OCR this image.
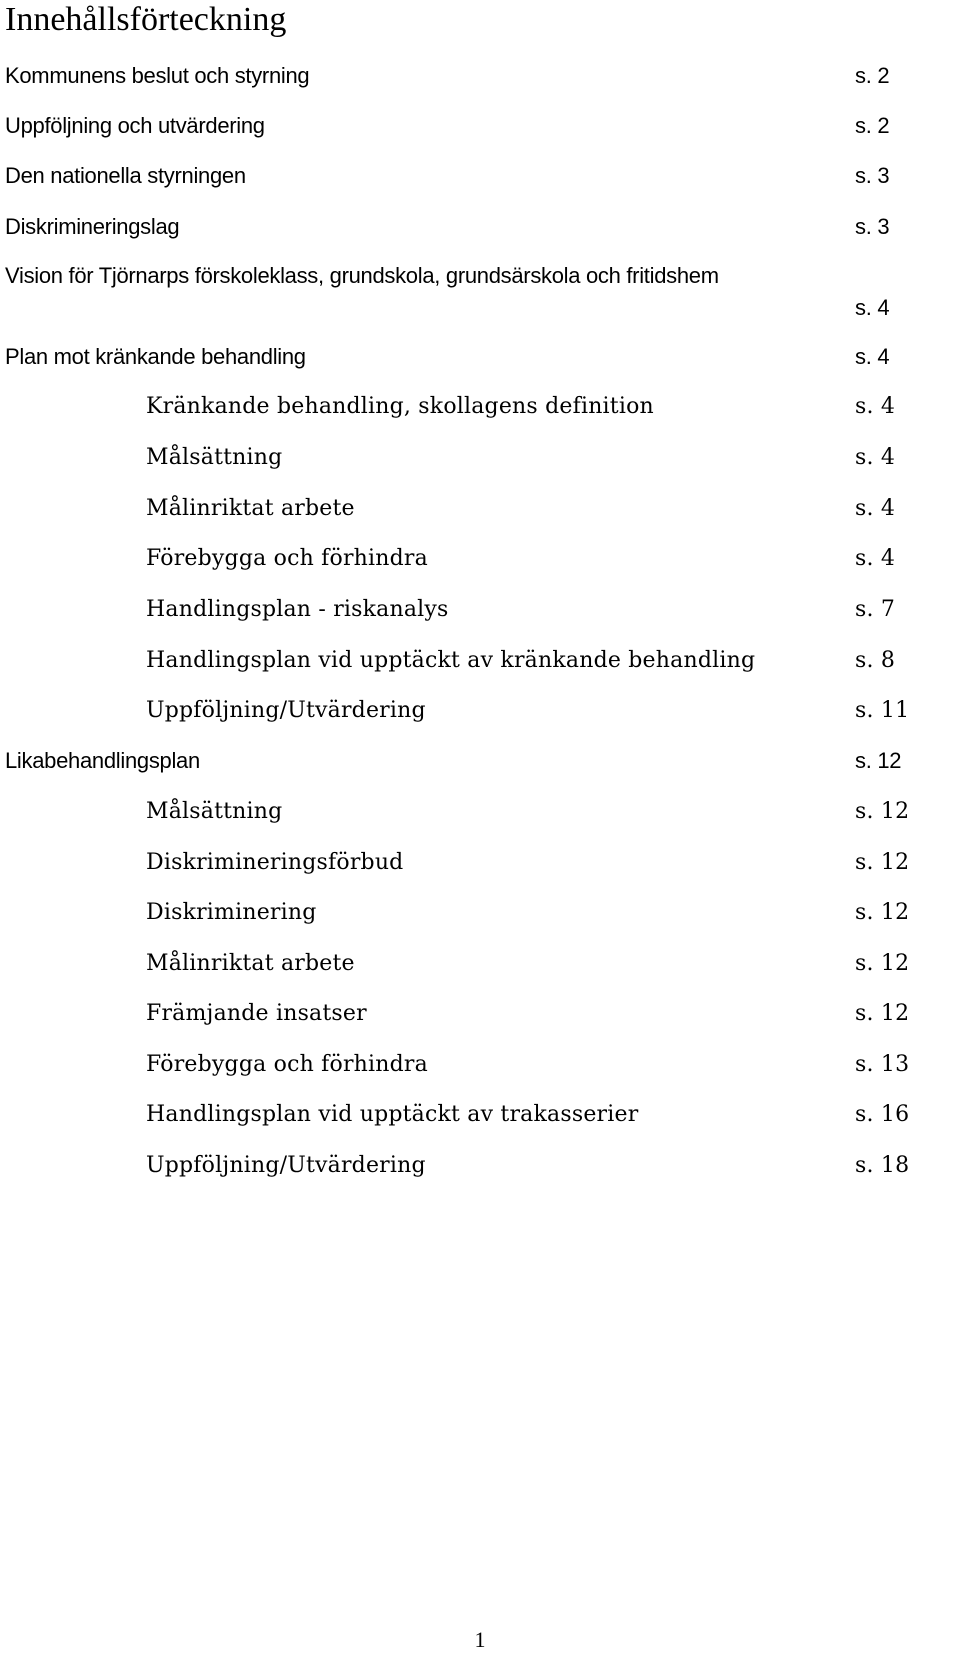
Innehållsförteckning
Kommunens beslut och styrning	s. 2
Uppföljning och utvärdering	s. 2
Den nationella styrningen	s. 3
Diskrimineringslag	s. 3
Vision för Tjörnarps förskoleklass, grundskola, grundsärskola och fritidshem
s. 4
Plan mot kränkande behandling	s. 4
Kränkande behandling, skollagens definition	s. 4
Målsättning	s. 4
Målinriktat arbete	s. 4
Förebygga och förhindra	s. 4
Handlingsplan - riskanalys	s. 7
Handlingsplan vid upptäckt av kränkande behandling	s. 8
Uppföljning/Utvärdering	s. 11
Likabehandlingsplan	s. 12
Målsättning	s. 12
Diskrimineringsförbud	s. 12
Diskriminering	s. 12
Målinriktat arbete	s. 12
Främjande insatser	s. 12
Förebygga och förhindra	s. 13
Handlingsplan vid upptäckt av trakasserier	s. 16
Uppföljning/Utvärdering	s. 18
1
